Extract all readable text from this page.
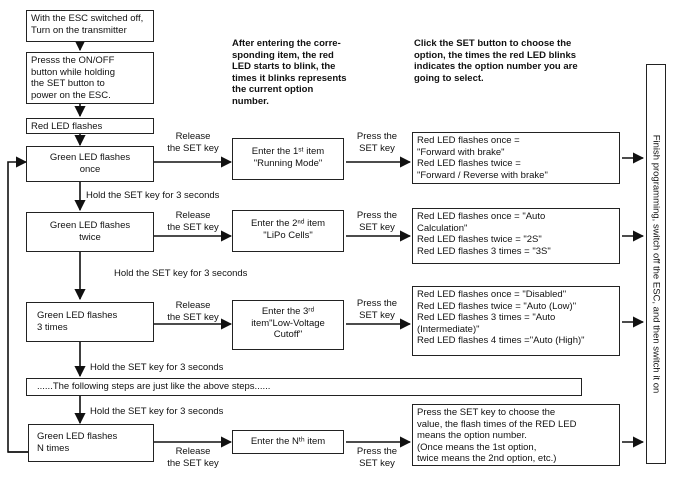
With the ESC switched off,
Turn on the transmitter
Presss the ON/OFF
button while holding
the SET button to
power on the ESC.
Red LED flashes
After entering the corre-
sponding item, the red
LED starts to blink, the
times it blinks represents
the current option
number.
Click the SET button to choose the
option, the times the red LED blinks
indicates the option number you are
going to select.
Green LED flashes
once
Release
the SET key	Enter the 1ˢᵗ item
"Running Mode"
Press the
SET key
Red LED flashes once =
"Forward with brake"
Red LED flashes twice =
"Forward / Reverse with brake"
Hold the SET key for 3 seconds
Green LED flashes
twice
Release
the SET key	Enter the 2ⁿᵈ item
"LiPo Cells"
Press the
SET key
Red LED flashes once = "Auto
Calculation"
Red LED flashes twice = "2S"
Red LED flashes 3 times = "3S"
Hold the SET key for 3 seconds
Green LED flashes
3 times
Release
the SET key	Enter the 3ʳᵈ
item"Low-Voltage
Cutoff"
Press the
SET key
Red LED flashes once = "Disabled"
Red LED flashes twice = "Auto (Low)"
Red LED flashes 3 times = "Auto
(Intermediate)"
Red LED flashes 4 times ="Auto (High)"
Hold the SET key for 3 seconds
......The following steps are just like the above steps......
Hold the SET key for 3 seconds
Green LED flashes
N times	Release
the SET key
Enter the Nᵗʰ item
Press the
SET key
Press the SET key to choose the
value, the flash times of the RED LED
means the option number.
(Once means the 1st option,
twice means the 2nd option, etc.)
Finish programming, switch off the ESC, and then switch it on
